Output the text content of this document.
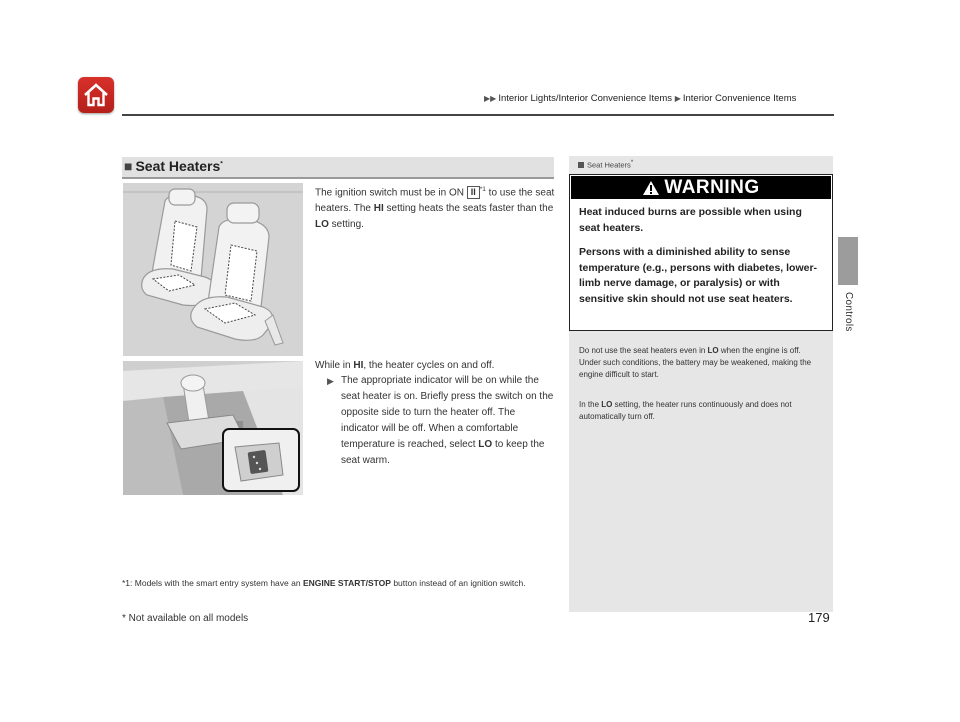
▶▶ Interior Lights/Interior Convenience Items ▶ Interior Convenience Items
Controls
■ Seat Heaters*
The ignition switch must be in ON II $^{*1}$ to use the seat heaters. The HI setting heats the seats faster than the LO setting.
While in HI, the heater cycles on and off.
▶ The appropriate indicator will be on while the seat heater is on. Briefly press the switch on the opposite side to turn the heater off. The indicator will be off. When a comfortable temperature is reached, select LO to keep the seat warm.
*1: Models with the smart entry system have an ENGINE START/STOP button instead of an ignition switch.
* Not available on all models
Seat Heaters*
WARNING
Heat induced burns are possible when using seat heaters.
Persons with a diminished ability to sense temperature (e.g., persons with diabetes, lower-limb nerve damage, or paralysis) or with sensitive skin should not use seat heaters.
Do not use the seat heaters even in LO when the engine is off. Under such conditions, the battery may be weakened, making the engine difficult to start.
In the LO setting, the heater runs continuously and does not automatically turn off.
179
